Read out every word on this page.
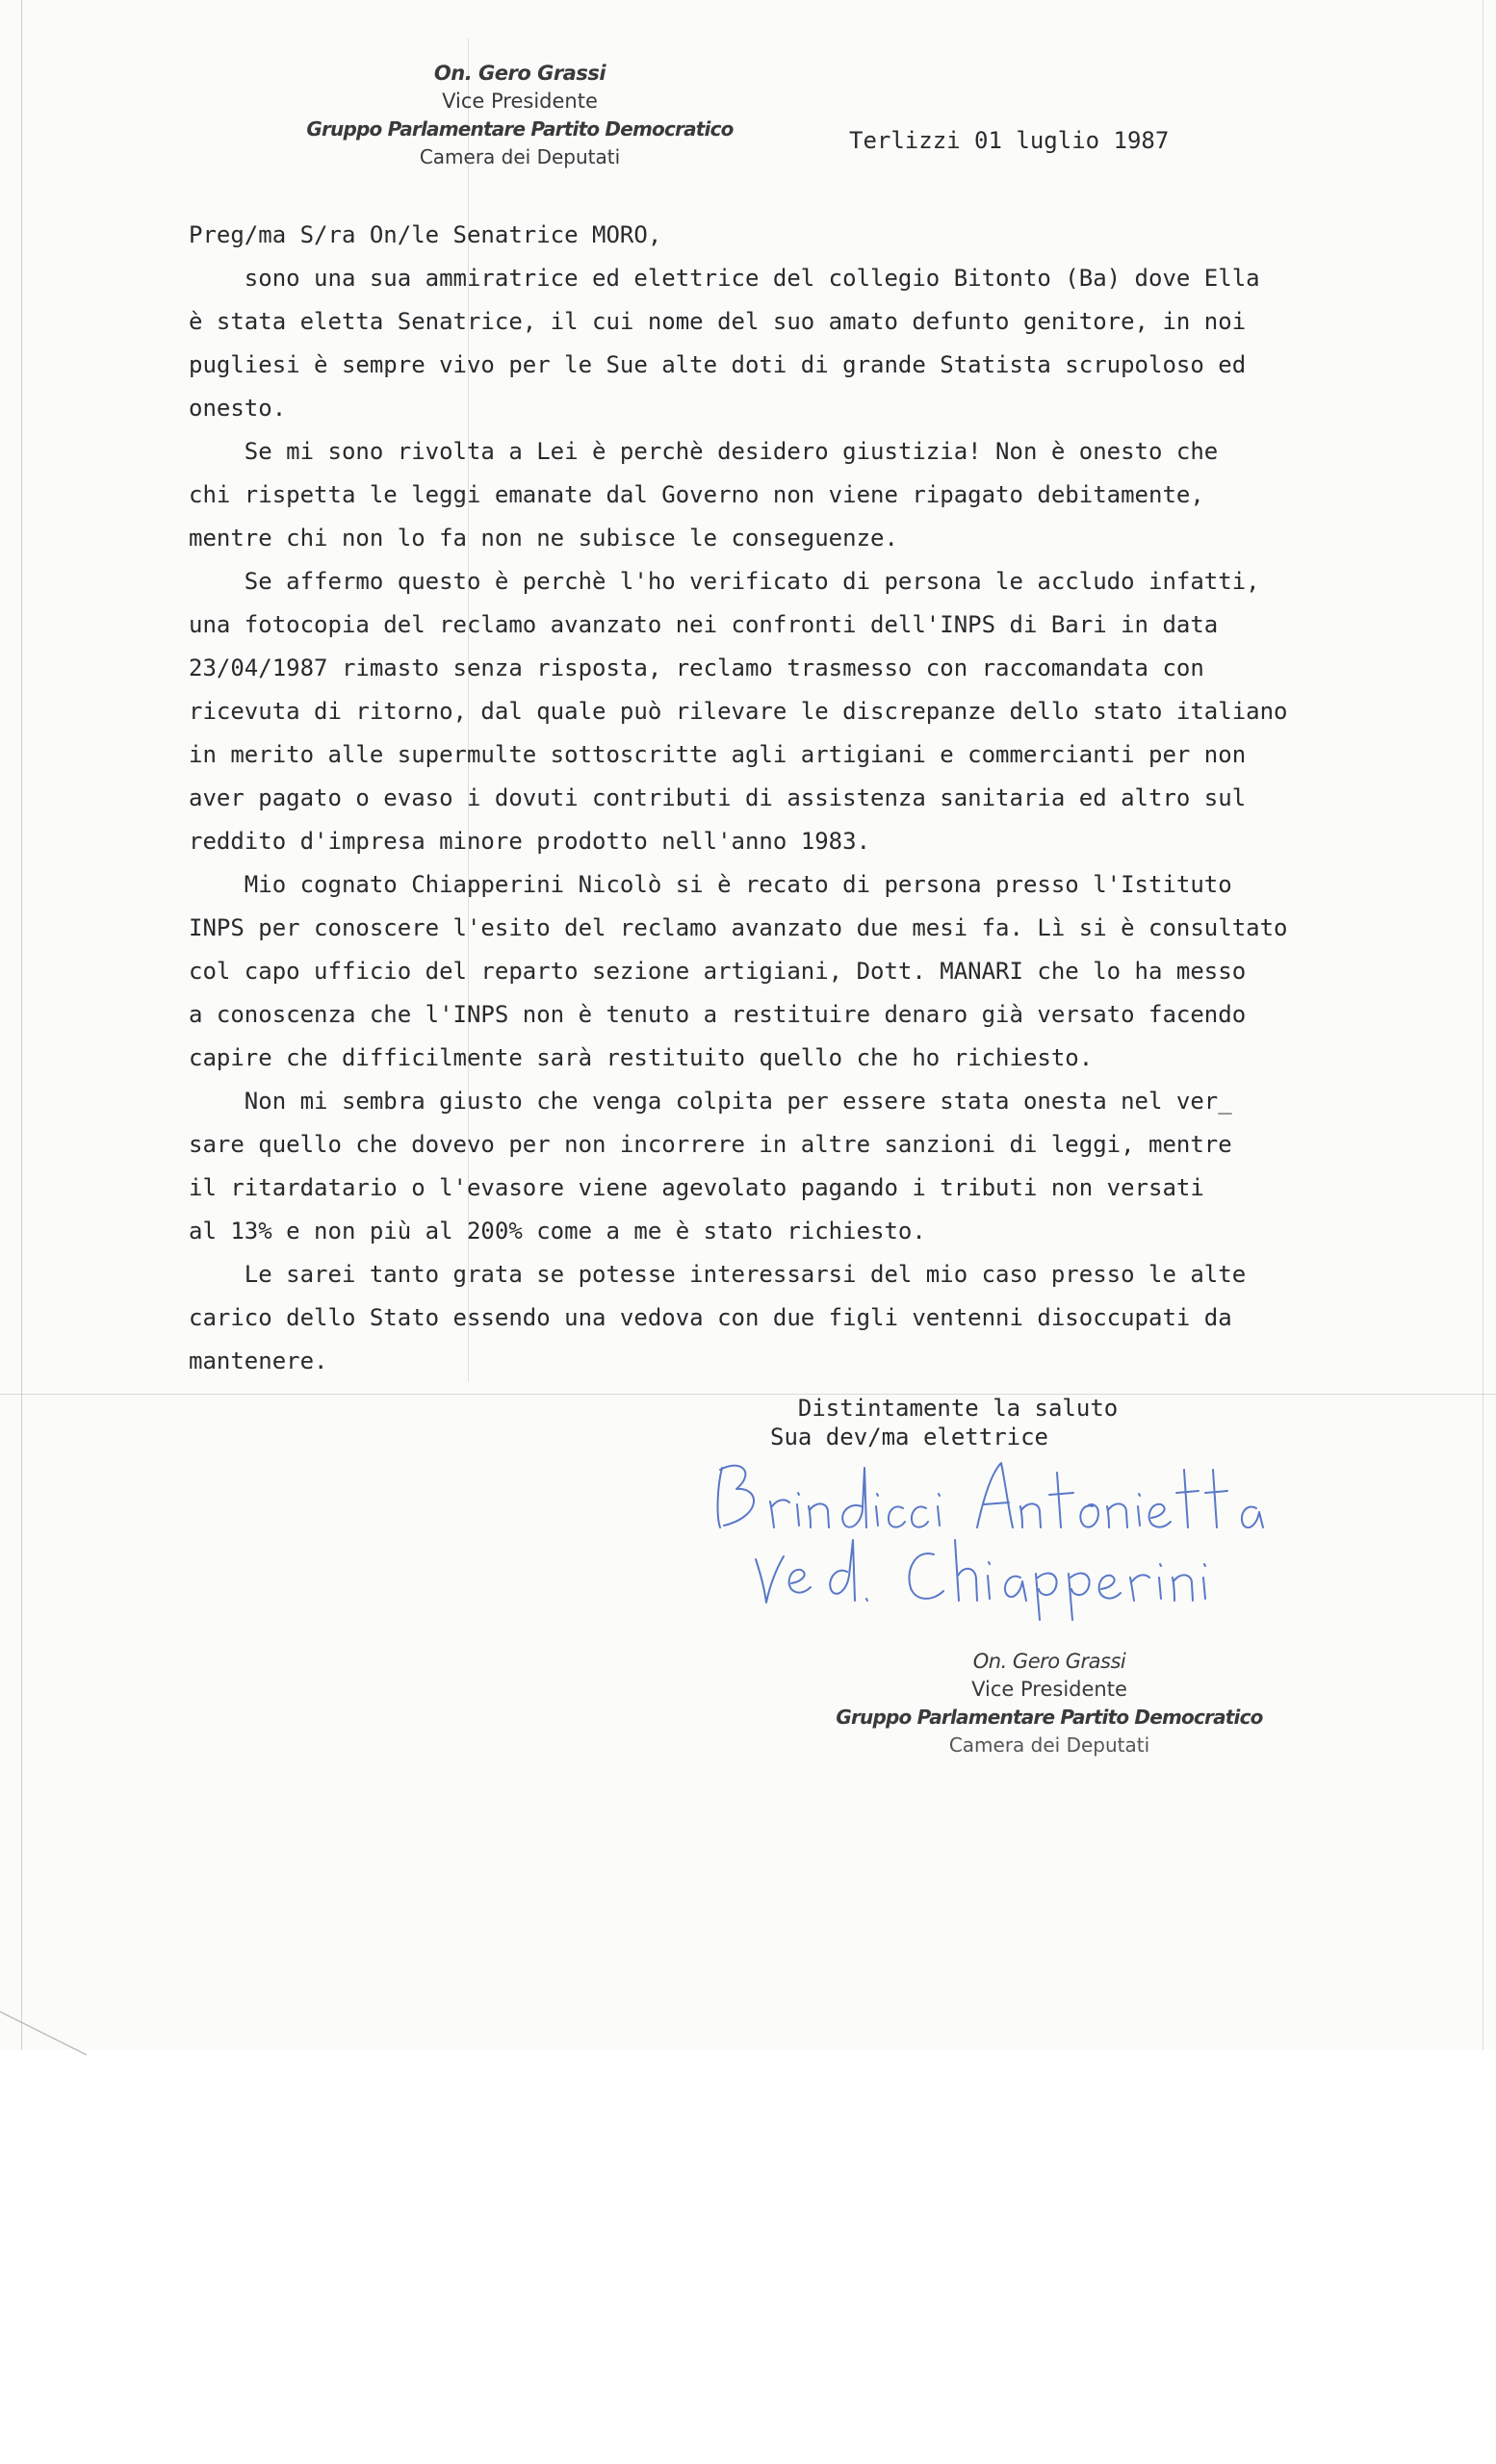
On. Gero Grassi
Vice Presidente
Gruppo Parlamentare Partito Democratico
Camera dei Deputati
Terlizzi 01 luglio 1987
Preg/ma S/ra On/le Senatrice MORO,
sono una sua ammiratrice ed elettrice del collegio Bitonto (Ba) dove Ella
è stata eletta Senatrice, il cui nome del suo amato defunto genitore, in noi
pugliesi è sempre vivo per le Sue alte doti di grande Statista scrupoloso ed
onesto.
Se mi sono rivolta a Lei è perchè desidero giustizia! Non è onesto che
chi rispetta le leggi emanate dal Governo non viene ripagato debitamente,
mentre chi non lo fa non ne subisce le conseguenze.
Se affermo questo è perchè l'ho verificato di persona le accludo infatti,
una fotocopia del reclamo avanzato nei confronti dell'INPS di Bari in data
23/04/1987 rimasto senza risposta, reclamo trasmesso con raccomandata con
ricevuta di ritorno, dal quale può rilevare le discrepanze dello stato italiano
in merito alle supermulte sottoscritte agli artigiani e commercianti per non
aver pagato o evaso i dovuti contributi di assistenza sanitaria ed altro sul
reddito d'impresa minore prodotto nell'anno 1983.
Mio cognato Chiapperini Nicolò si è recato di persona presso l'Istituto
INPS per conoscere l'esito del reclamo avanzato due mesi fa. Lì si è consultato
col capo ufficio del reparto sezione artigiani, Dott. MANARI che lo ha messo
a conoscenza che l'INPS non è tenuto a restituire denaro già versato facendo
capire che difficilmente sarà restituito quello che ho richiesto.
Non mi sembra giusto che venga colpita per essere stata onesta nel ver_
sare quello che dovevo per non incorrere in altre sanzioni di leggi, mentre
il ritardatario o l'evasore viene agevolato pagando i tributi non versati
al 13% e non più al 200% come a me è stato richiesto.
Le sarei tanto grata se potesse interessarsi del mio caso presso le alte
carico dello Stato essendo una vedova con due figli ventenni disoccupati da
mantenere.
Distintamente la saluto
Sua dev/ma elettrice
On. Gero Grassi
Vice Presidente
Gruppo Parlamentare Partito Democratico
Camera dei Deputati
